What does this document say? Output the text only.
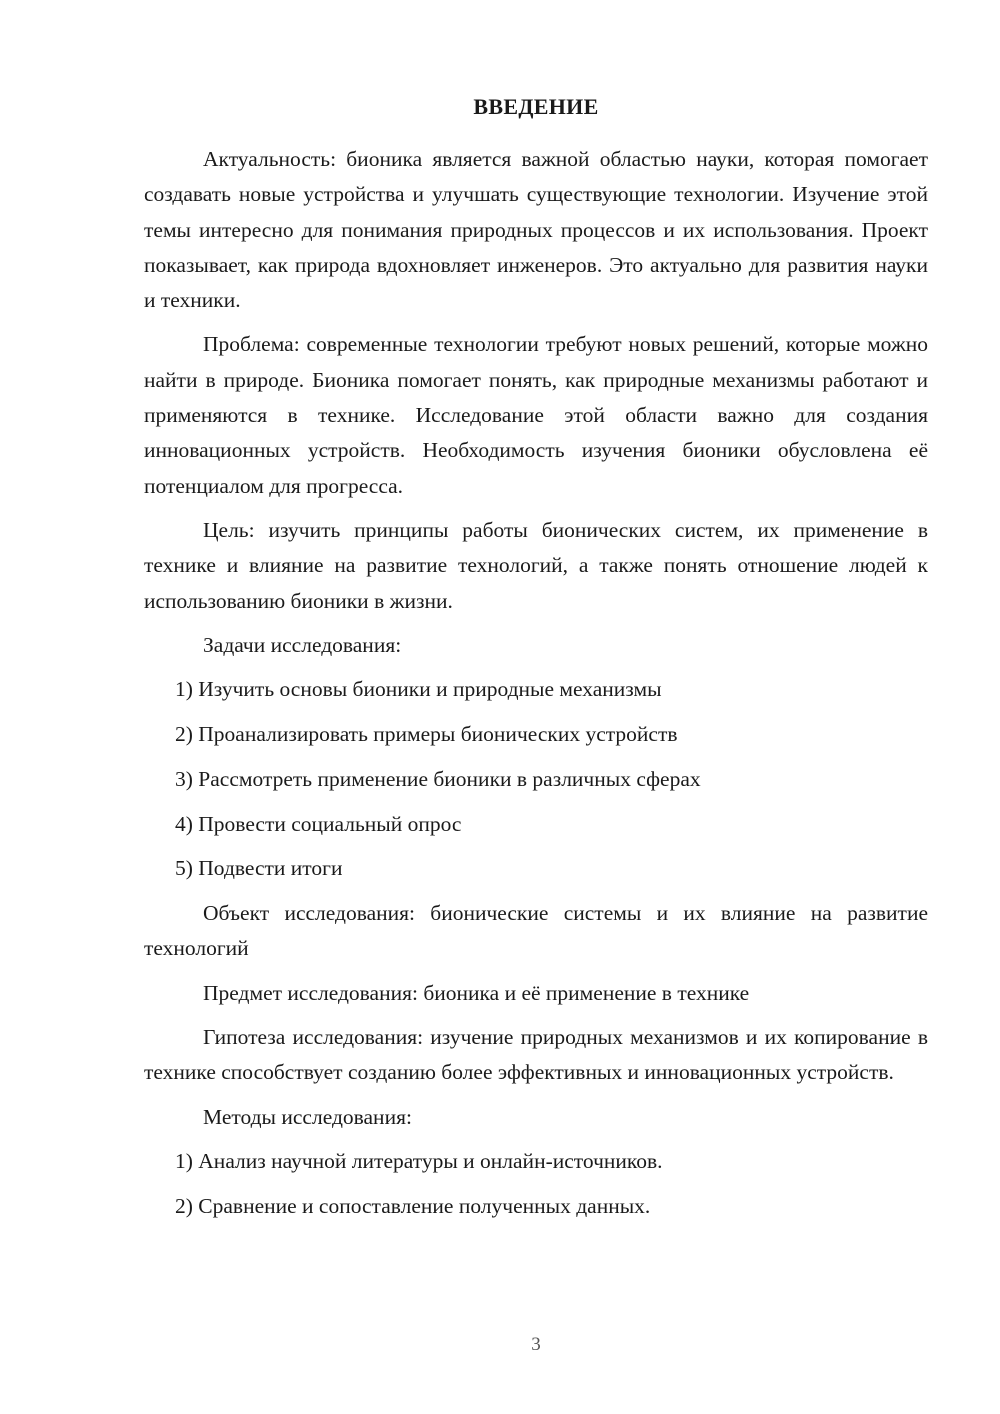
ВВЕДЕНИЕ

Актуальность: бионика является важной областью науки, которая помогает создавать новые устройства и улучшать существующие технологии. Изучение этой темы интересно для понимания природных процессов и их использования. Проект показывает, как природа вдохновляет инженеров. Это актуально для развития науки и техники.

Проблема: современные технологии требуют новых решений, которые можно найти в природе. Бионика помогает понять, как природные механизмы работают и применяются в технике. Исследование этой области важно для создания инновационных устройств. Необходимость изучения бионики обусловлена её потенциалом для прогресса.

Цель: изучить принципы работы бионических систем, их применение в технике и влияние на развитие технологий, а также понять отношение людей к использованию бионики в жизни.

Задачи исследования:

1) Изучить основы бионики и природные механизмы

2) Проанализировать примеры бионических устройств

3) Рассмотреть применение бионики в различных сферах

4) Провести социальный опрос

5) Подвести итоги

Объект исследования: бионические системы и их влияние на развитие технологий

Предмет исследования: бионика и её применение в технике

Гипотеза исследования: изучение природных механизмов и их копирование в технике способствует созданию более эффективных и инновационных устройств.

Методы исследования:

1) Анализ научной литературы и онлайн-источников.

2) Сравнение и сопоставление полученных данных.

3
